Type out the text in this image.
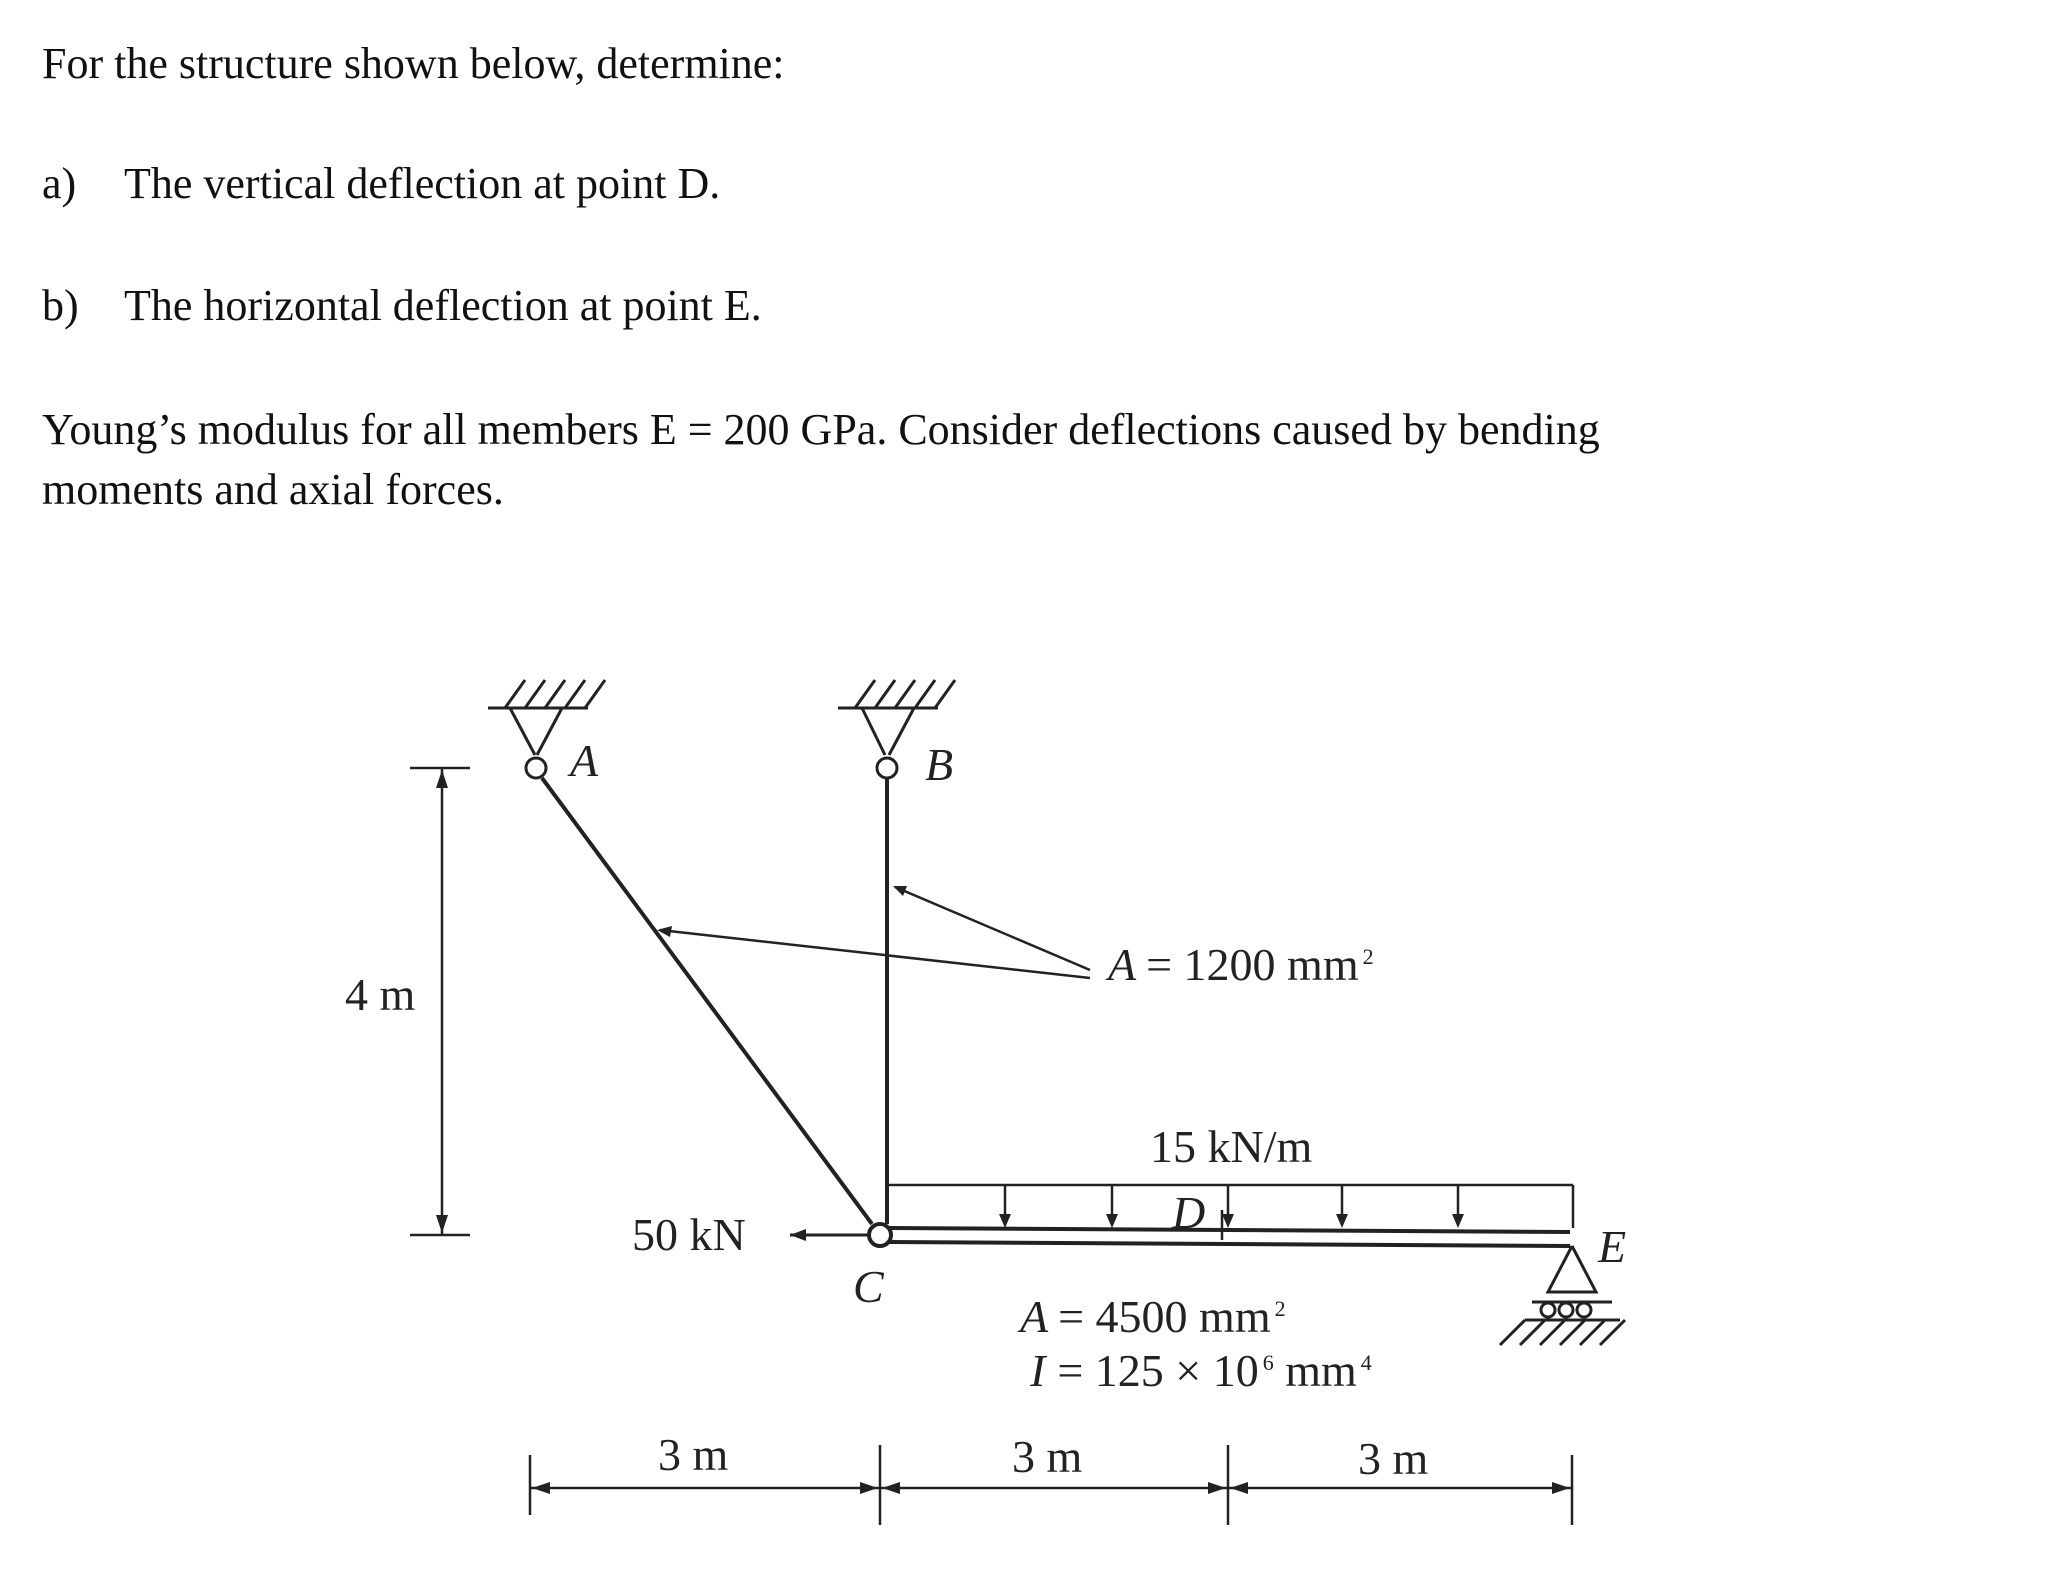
For the structure shown below, determine:
a) The vertical deflection at point D.
b) The horizontal deflection at point E.
Young’s modulus for all members E = 200 GPa. Consider deflections caused by bending
moments and axial forces.
A	B
C
D
E
4 m
3 m	3 m	3 m
50 kN
15 kN/m
A = 1200 mm $^2$
A = 4500 mm $^2$
I = 125 × 10 $^6$ mm $^4$
